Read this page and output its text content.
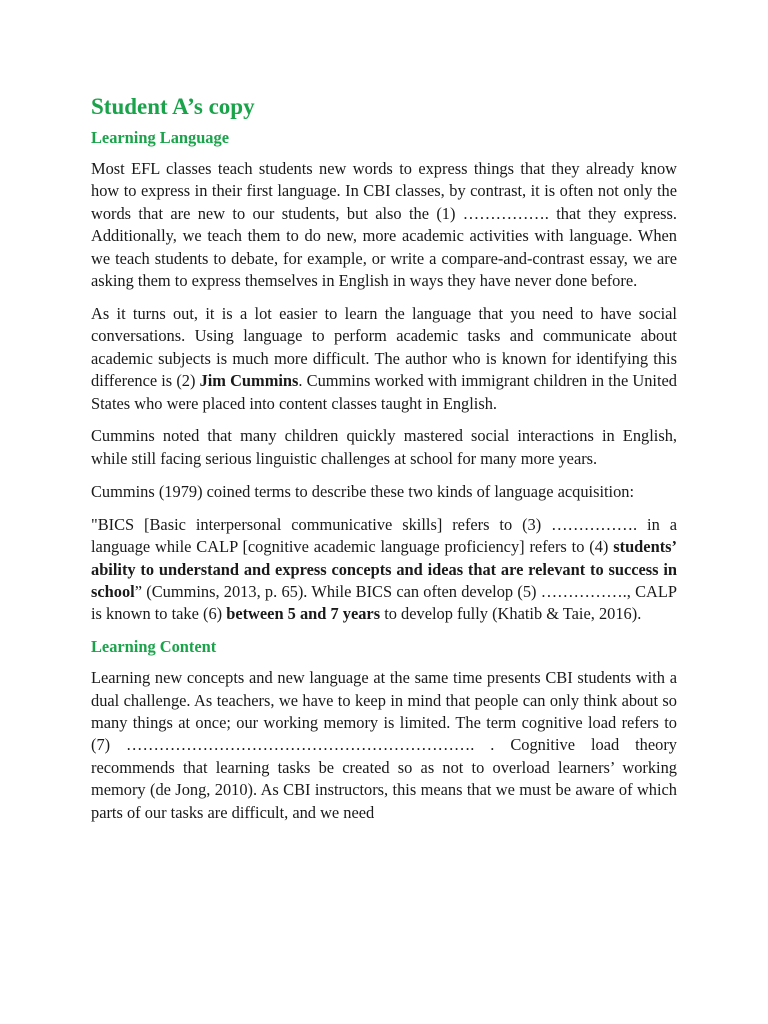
Student A’s copy
Learning Language

Most EFL classes teach students new words to express things that they already know how to express in their first language. In CBI classes, by contrast, it is often not only the words that are new to our students, but also the (1) ……………. that they express. Additionally, we teach them to do new, more academic activities with language. When we teach students to debate, for example, or write a compare-and-contrast essay, we are asking them to express themselves in English in ways they have never done before.

As it turns out, it is a lot easier to learn the language that you need to have social conversations. Using language to perform academic tasks and communicate about academic subjects is much more difficult. The author who is known for identifying this difference is (2) Jim Cummins. Cummins worked with immigrant children in the United States who were placed into content classes taught in English.

Cummins noted that many children quickly mastered social interactions in English, while still facing serious linguistic challenges at school for many more years.

Cummins (1979) coined terms to describe these two kinds of language acquisition:

"BICS [Basic interpersonal communicative skills] refers to (3) ……………. in a language while CALP [cognitive academic language proficiency] refers to (4) students’ ability to understand and express concepts and ideas that are relevant to success in school” (Cummins, 2013, p. 65). While BICS can often develop (5) ……………., CALP is known to take (6) between 5 and 7 years to develop fully (Khatib & Taie, 2016).

Learning Content

Learning new concepts and new language at the same time presents CBI students with a dual challenge. As teachers, we have to keep in mind that people can only think about so many things at once; our working memory is limited. The term cognitive load refers to (7) ………………………………………………………. . Cognitive load theory recommends that learning tasks be created so as not to overload learners’ working memory (de Jong, 2010). As CBI instructors, this means that we must be aware of which parts of our tasks are difficult, and we need
